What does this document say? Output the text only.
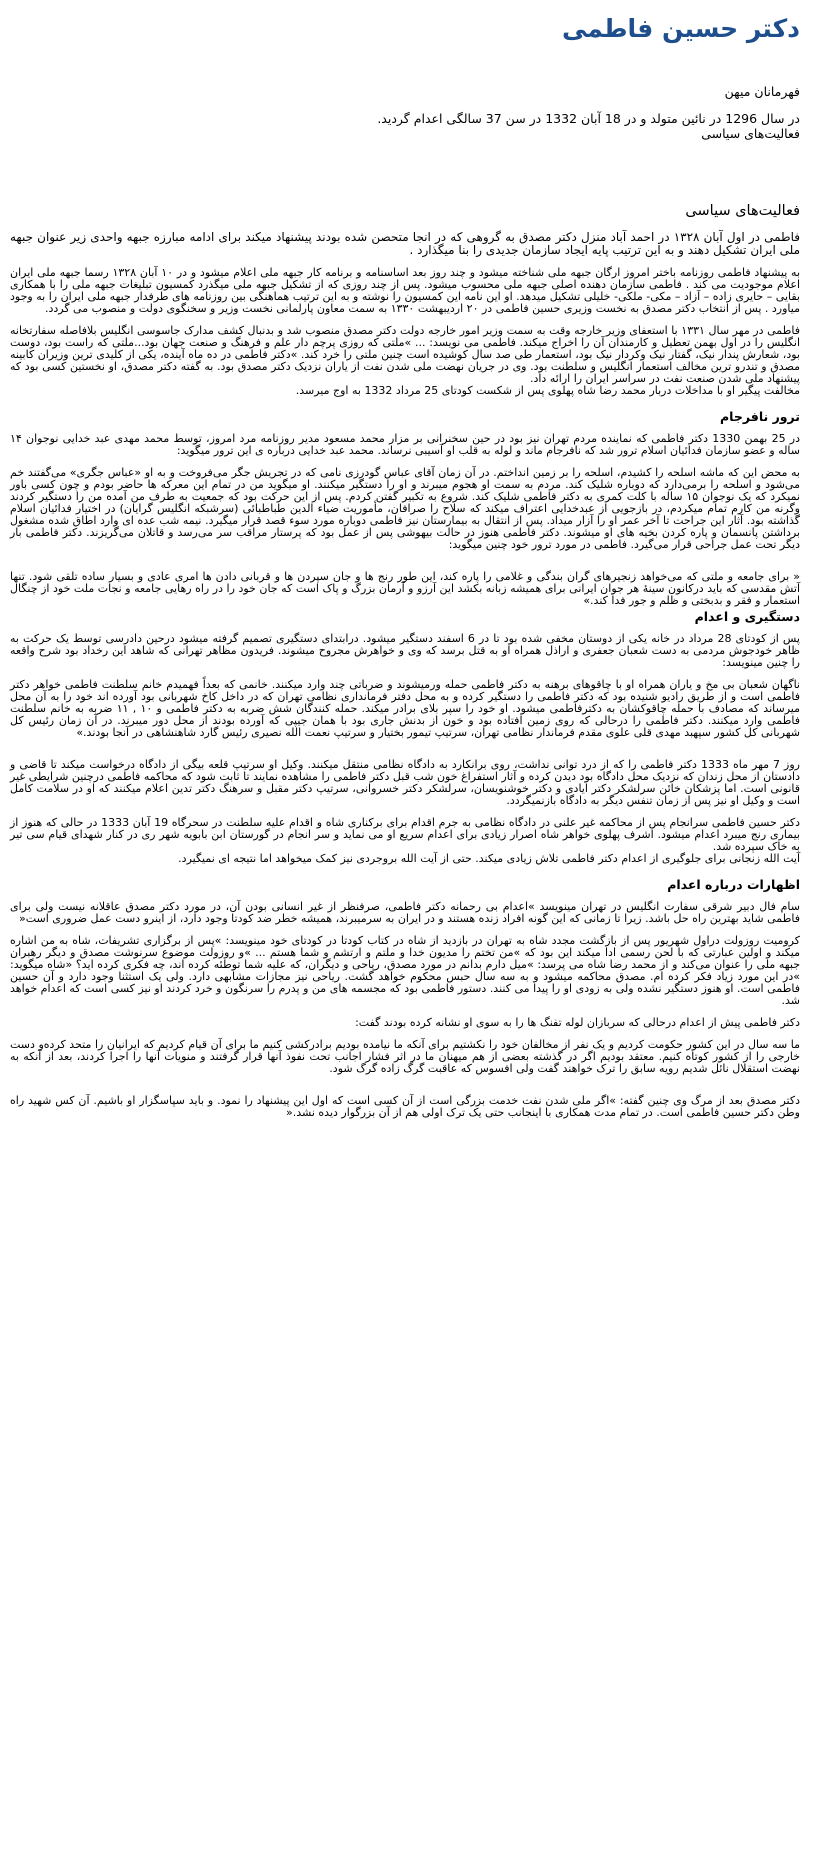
دکتر حسین فاطمی
فهرمانان میهن
در سال 1296 در نائین متولد و در 18 آبان 1332 در سن 37 سالگی اعدام گردید.
فعالیت‌های سیاسی
فعالیت‌های سیاسی

فاطمی در اول آبان ۱۳۲۸ در احمد آباد منزل دکتر مصدق به گروهی که در انجا متحصن شده بودند پیشنهاد میکند برای ادامه مبارزه جبهه واحدی زیر عنوان جبهه ملی ایران تشکیل دهند و به این ترتیب پایه ایجاد سازمان جدیدی را بنا میگذارد .

به پیشنهاد فاطمی روزنامه باختر امروز ارگان جبهه ملی شناخته میشود و چند روز بعد اساسنامه و برنامه کار جبهه ملی اعلام میشود و در ۱۰ آبان ۱۳۲۸ رسما جبهه ملی ایران اعلام موجودیت می کند . فاطمی سازمان دهنده اصلی جبهه ملی محسوب میشود. پس از چند روزی که از تشکیل جبهه ملی میگذرد کمسیون تبلیغات جبهه ملی را با همکاری بقایی – حایری زاده – آزاد – مکی- ملکی- خلیلی تشکیل میدهد. او این نامه این کمسیون را نوشته و به این ترتیب هماهنگی بین روزنامه های طرفدار جبهه ملی ایران را به وجود میاورد . پس از انتخاب دکتر مصدق به نخست وزیری حسین فاطمی در ۲۰ اردیبهشت ۱۳۳۰ به سمت معاون پارلمانی نخست وزیر و سخنگوی دولت و منصوب می گردد.

فاطمی در مهر سال ۱۳۳۱ با استعفای وزیر خارجه وقت به سمت وزیر امور خارجه دولت دکتر مصدق منصوب شد و بدنبال کشف مدارک جاسوسی انگلیس بلافاصله سفارتخانه انگلیس را در اول بهمن تعطیل و کارمندان آن را اخراج میکند. فاطمی می نویسد: ... »ملتی که روزی پرچم دار علم و فرهنگ و صنعت جهان بود...ملتی که راست بود، دوست بود، شعارش پندار نیک، گفتار نیک وکردار نیک بود، استعمار طی صد سال کوشیده است چنین ملتی را خرد کند. »دکتر فاطمی در ده ماه آینده، یکی از کلیدی ترین وزیران کابینه مصدق و تندرو ترین مخالف استعمار انگلیس و سلطنت بود. وی در جریان نهضت ملی شدن نفت از یاران نزدیک دکتر مصدق بود. به گفته دکتر مصدق، او نخستین کسی بود که پیشنهاد ملی شدن صنعت نفت در سراسر ایران را ارائه داد.

مخالفت پیگیر او با مداخلات دربار محمد رضا شاه پهلوی پس از شکست کودتای 25 مرداد 1332 به اوج میرسد.

ترور نافرجام

در 25 بهمن 1330 دکتر فاطمی که نماینده مردم تهران نیز بود در حین سخنرانی بر مزار محمد مسعود مدیر روزنامه مرد امروز، توسط محمد مهدی عبد خدایی نوجوان ۱۴ ساله و عضو سازمان فدائیان اسلام ترور شد که نافرجام ماند و لوله به قلب او آسیبی نرساند. محمد عبد خدایی درباره ی این ترور میگوید:

به محض این که ماشه اسلحه را کشیدم، اسلحه را بر زمین انداختم. در آن زمان آقای عباس گودرزی نامی که در تجریش جگر می‌فروخت و به او «عباس جگری» می‌گفتند خم می‌شود و اسلحه را برمی‌دارد که دوباره شلیک کند. مردم به سمت او هجوم میبرند و او را دستگیر میکنند. او میگوید من در تمام این معرکه ها حاضر بودم و چون کسی باور نمیکرد که یک نوجوان ۱۵ ساله با کلت کمری به دکتر فاطمی شلیک کند. شروع به تکبیر گفتن کردم. پس از این حرکت بود که جمعیت به طرف من آمده من را دستگیر کردند وگرنه من کارم تمام میکردم، در بازجویی از عبدخدایی اعتراف میکند که سلاح را صرافان، مأموریت ضیاء الدین طباطبائی (سرشبکه انگلیس گرایان) در اختیار فدائیان اسلام گذاشته بود. آثار این جراحت تا آخر عمر او را آزار میداد. پس از انتقال به بیمارستان نیز فاطمی دوباره مورد سوء قصد قرار میگیرد. نیمه شب عده ای وارد اطاق شده مشغول برداشتن پانسمان و پاره کردن بخیه های او میشوند. دکتر فاطمی هنوز در حالت بیهوشی پس از عمل بود که پرستار مراقب سر می‌رسد و قاتلان می‌گریزند. دکتر فاطمی بار دیگر تحت عمل جراحی قرار می‌گیرد. فاطمی در مورد ترور خود چنین میگوید:

« برای جامعه و ملتی که می‌خواهد زنجیرهای گران بندگی و غلامی را پاره کند، این طور رنج ها و جان سپردن ها و قربانی دادن ها امری عادی و بسیار ساده تلقی شود. تنها آتش مقدسی که باید درکانون سینهٔ هر جوان ایرانی برای همیشه زبانه بکشد این آرزو و آرمان بزرگ و پاک است که جان خود را در راه رهایی جامعه و نجات ملت خود از چنگال استعمار و فقر و بدبختی و ظلم و جور فدا کند.»

دستگیری و اعدام

پس از کودتای 28 مرداد در خانه یکی از دوستان مخفی شده بود تا در 6 اسفند دستگیر میشود. درابتدای دستگیری تصمیم گرفته میشود درحین دادرسی توسط یک حرکت به ظاهر خودجوش مردمی به دست شعبان جعفری و اراذل همراه او به قتل برسد که وی و خواهرش مجروح میشوند. فریدون مظاهر تهرانی که شاهد این رخداد بود شرح واقعه را چنین مینویسد:

ناگهان شعبان بی مخ و یاران همراه او با چاقوهای برهنه به دکتر فاطمی حمله ورمیشوند و ضرباتی چند وارد میکنند. خانمی که بعداً فهمیدم خانم سلطنت فاطمی خواهر دکتر فاطمی است و از طریق رادیو شنیده بود که دکتر فاطمی را دستگیر کرده و به محل دفتر فرمانداری نظامی تهران که در داخل کاخ شهربانی بود آورده اند خود را به آن محل میرساند که مصادف با حمله چاقوکشان به دکترفاطمی میشود. او خود را سپر بلای برادر میکند. حمله کنندگان شش ضربه به دکتر فاطمی و ۱۰ , ۱۱ ضربه به خانم سلطنت فاطمی وارد میکنند. دکتر فاطمی را درحالی که روی زمین افتاده بود و خون از بدنش جاری بود با همان جیپی که آورده بودند از محل دور میبرند. در آن زمان رئیس کل شهربانی کل کشور سپهبد مهدی قلی علوی مقدم فرماندار نظامی تهران، سرتیپ تیمور بختیار و سرتیپ نعمت الله نصیری رئیس گارد شاهنشاهی در آنجا بودند.»

روز 7 مهر ماه 1333 دکتر فاطمی را که از درد توانی نداشت، روی برانکارد به دادگاه نظامی منتقل میکنند. وکیل او سرتیپ قلعه بیگی از دادگاه درخواست میکند تا قاضی و دادستان از محل زندان که نزدیک محل دادگاه بود دیدن کرده و آثار استفراغ خون شب قبل دکتر فاطمی را مشاهده نمایند تا ثابت شود که محاکمه فاطمی درچنین شرایطی غیر قانونی است. اما پزشکان خائن سرلشکر دکتر ایادی و دکتر خوشنویسان، سرلشکر دکتر خسروانی، سرتیپ دکتر مقبل و سرهنگ دکتر تدین اعلام میکنند که او در سلامت کامل است و وکیل او نیز پس از زمان تنفس دیگر به دادگاه بازنمیگردد.

دکتر حسین فاطمی سرانجام پس از محاکمه غیر علنی در دادگاه نظامی به جرم اقدام برای برکناری شاه و اقدام علیه سلطنت در سحرگاه 19 آبان 1333 در حالی که هنوز از بیماری رنج میبرد اعدام میشود. اشرف پهلوی خواهر شاه اصرار زیادی برای اعدام سریع او می نماید و سر انجام در گورستان ابن بابویه شهر ری در کنار شهدای قیام سی تیر به خاک سپرده شد.

آیت الله زنجانی برای جلوگیری از اعدام دکتر فاطمی تلاش زیادی میکند. حتی از آیت الله بروجردی نیز کمک میخواهد اما نتیجه ای نمیگیرد.

اظهارات درباره اعدام

سام فال دبیر شرقی سفارت انگلیس در تهران مینویسد »اعدام بی رحمانه دکتر فاطمی، صرفنظر از غیر انسانی بودن آن، در مورد دکتر مصدق عاقلانه نیست ولی برای فاطمی شاید بهترین راه حل باشد. زیرا تا زمانی که این گونه افراد زنده هستند و در ایران به سرمیبرند، همیشه خطر ضد کودتا وجود دارد، از اینرو دست عمل ضروری است«

کرومیت روزولت دراول شهریور پس از بازگشت مجدد شاه به تهران در بازدید از شاه در کتاب کودتا در کودتای خود مینویسد: »پس از برگزاری تشریفات، شاه به من اشاره میکند و اولین عبارتی که با لحن رسمی ادا میکند این بود که »من تختم را مدیون خدا و ملتم و ارتشم و شما هستم ... »و روزولت موضوع سرنوشت مصدق و دیگر رهبران جبهه ملی را عنوان می‌کند و از محمد رضا شاه می پرسد: »میل دارم بدانم در مورد مصدق، ریاحی و دیگران، که علیه شما توطئه کرده اند، چه فکری کرده اید؟ «شاه میگوید: »در این مورد زیاد فکر کرده ام. مصدق محاکمه میشود و به سه سال حبس محکوم خواهد گشت. ریاحی نیز مجازات مشابهی دارد. ولی یک استثنا وجود دارد و آن حسین فاطمی است. او هنوز دستگیر نشده ولی به زودی او را پیدا می کنند. دستور فاطمی بود که مجسمه های من و پدرم را سرنگون و خرد کردند او نیز کسی است که اعدام خواهد شد.

دکتر فاطمی پیش از اعدام درحالی که سربازان لوله تفنگ ها را به سوی او نشانه کرده بودند گفت:

ما سه سال در این کشور حکومت کردیم و یک نفر از مخالفان خود را نکشتیم برای آنکه ما نیامده بودیم برادرکشی کنیم ما برای آن قیام کردیم که ایرانیان را متحد کرده‌و دست خارجی را از کشور کوتاه کنیم. معتقد بودیم اگر در گذشته بعضی از هم میهنان ما در اثر فشار اجانب تحت نفوذ آنها قرار گرفتند و منویات آنها را اجرا کردند، بعد از آنکه به نهضت استقلال نائل شدیم رویه سابق را ترک خواهند گفت ولی افسوس که عاقبت گرگ زاده گرگ شود.

دکتر مصدق بعد از مرگ وی چنین گفته: »اگر ملی شدن نفت خدمت بزرگی است از آن کسی است که اول این پیشنهاد را نمود. و باید سپاسگزار او باشیم. آن کس شهید راه وطن دکتر حسین فاطمی است. در تمام مدت همکاری با اینجانب حتی یک ترک اولی هم از آن بزرگوار دیده نشد.«
